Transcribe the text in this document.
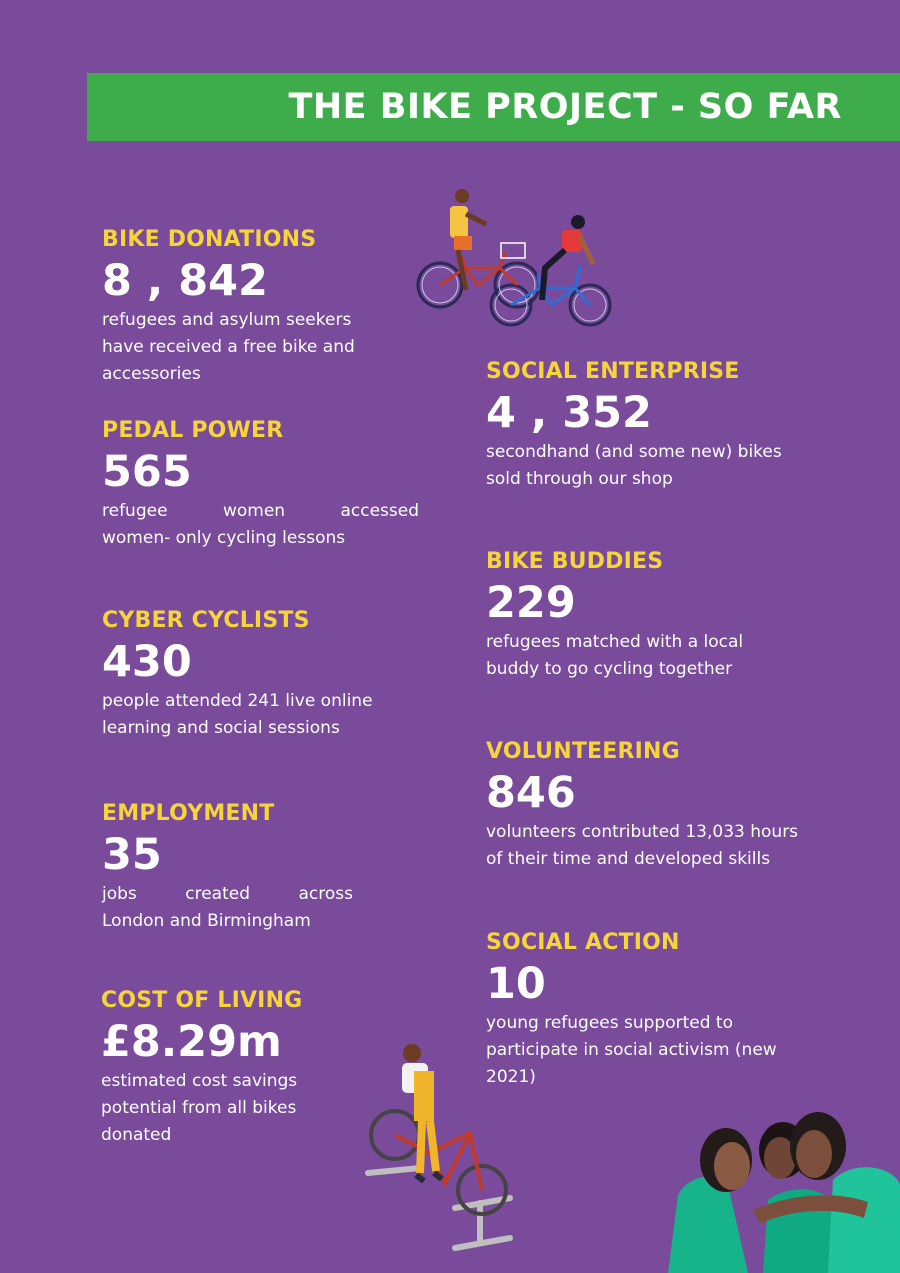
THE BIKE PROJECT - SO FAR
BIKE DONATIONS
8 , 842
refugees and asylum seekers
have received a free bike and
accessories
PEDAL POWER
565
refugee women accessed
women- only cycling lessons
CYBER CYCLISTS
430
people attended 241 live online
learning and social sessions
EMPLOYMENT
35
jobs created across
London and Birmingham
COST OF LIVING
£8.29m
estimated cost savings
potential from all bikes
donated
SOCIAL ENTERPRISE
4 , 352
secondhand (and some new) bikes
sold through our shop
BIKE BUDDIES
229
refugees matched with a local
buddy to go cycling together
VOLUNTEERING
846
volunteers contributed 13,033 hours
of their time and developed skills
SOCIAL ACTION
10
young refugees supported to
participate in social activism (new
2021)
